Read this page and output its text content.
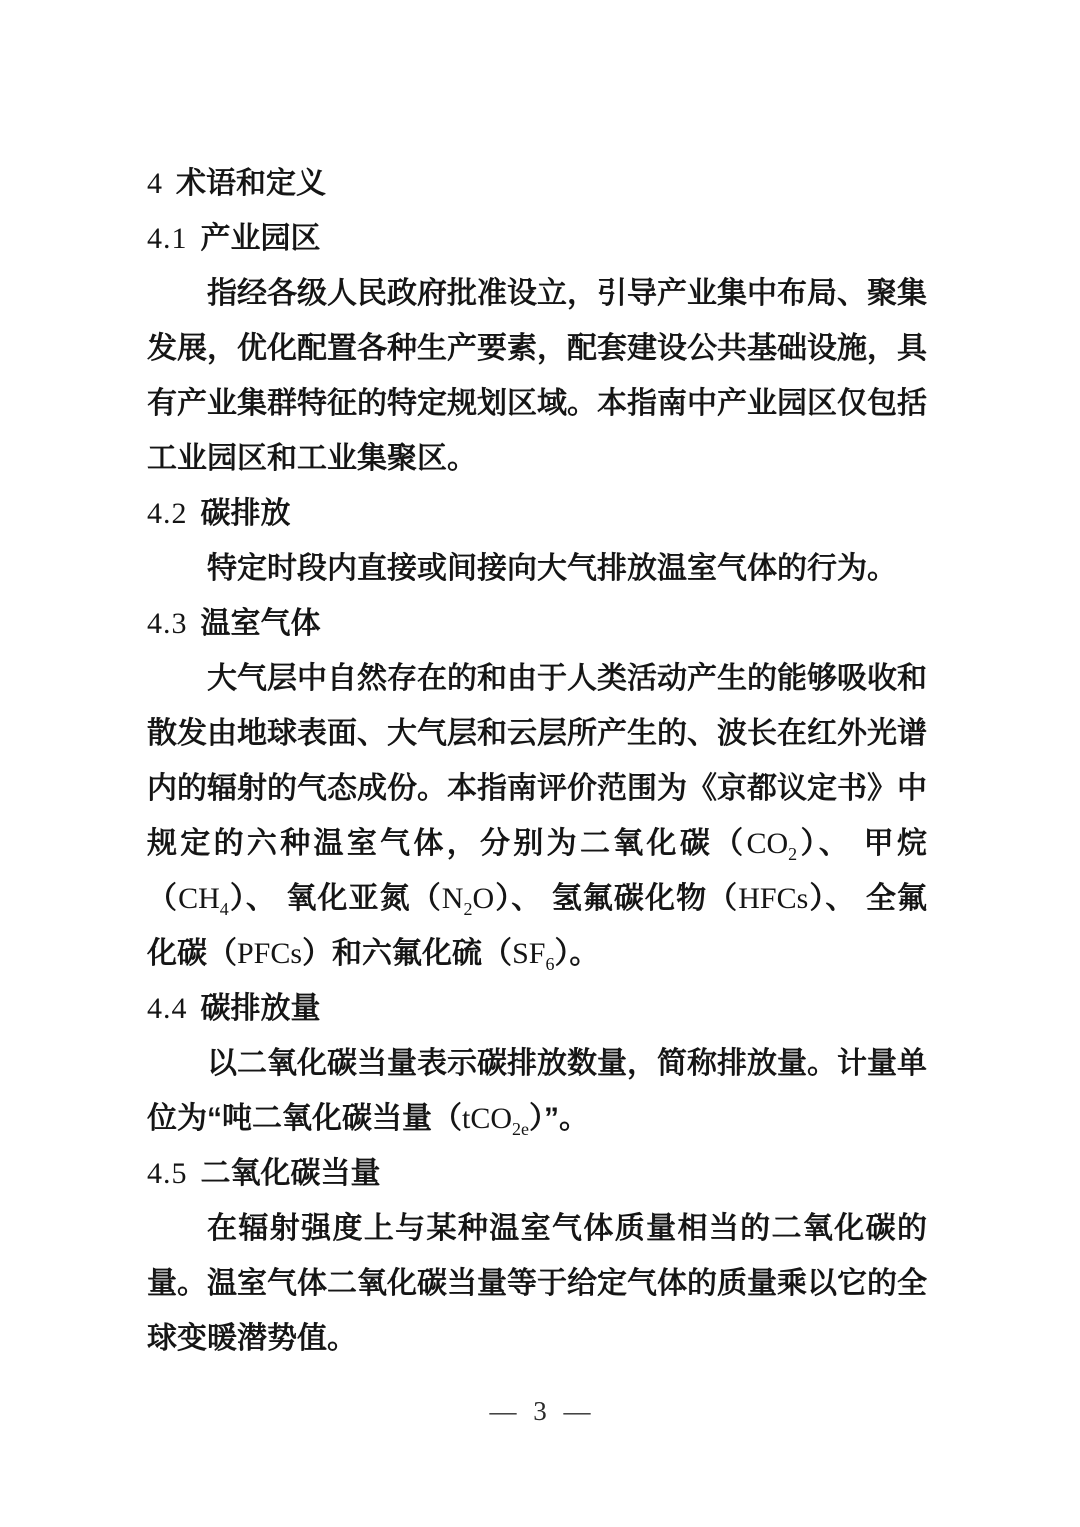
4 术语和定义
4.1 产业园区

指经各级人民政府批准设立，引导产业集中布局、聚集发展，优化配置各种生产要素，配套建设公共基础设施，具有产业集群特征的特定规划区域。本指南中产业园区仅包括工业园区和工业集聚区。

4.2 碳排放

特定时段内直接或间接向大气排放温室气体的行为。

4.3 温室气体

大气层中自然存在的和由于人类活动产生的能够吸收和散发由地球表面、大气层和云层所产生的、波长在红外光谱内的辐射的气态成份。本指南评价范围为《京都议定书》中规定的六种温室气体，分别为二氧化碳$(CO_2)$、 甲烷$(CH_4)$、 氧化亚氮$(N_2O)$、 氢氟碳化物（HFCs）、 全氟化碳（PFCs）和六氟化硫$(SF_6)$。

4.4 碳排放量

以二氧化碳当量表示碳排放数量，简称排放量。计量单位为“吨二氧化碳当量（tCO$_{2e}$）”。

4.5 二氧化碳当量

在辐射强度上与某种温室气体质量相当的二氧化碳的量。温室气体二氧化碳当量等于给定气体的质量乘以它的全球变暖潜势值。

— 3 —
